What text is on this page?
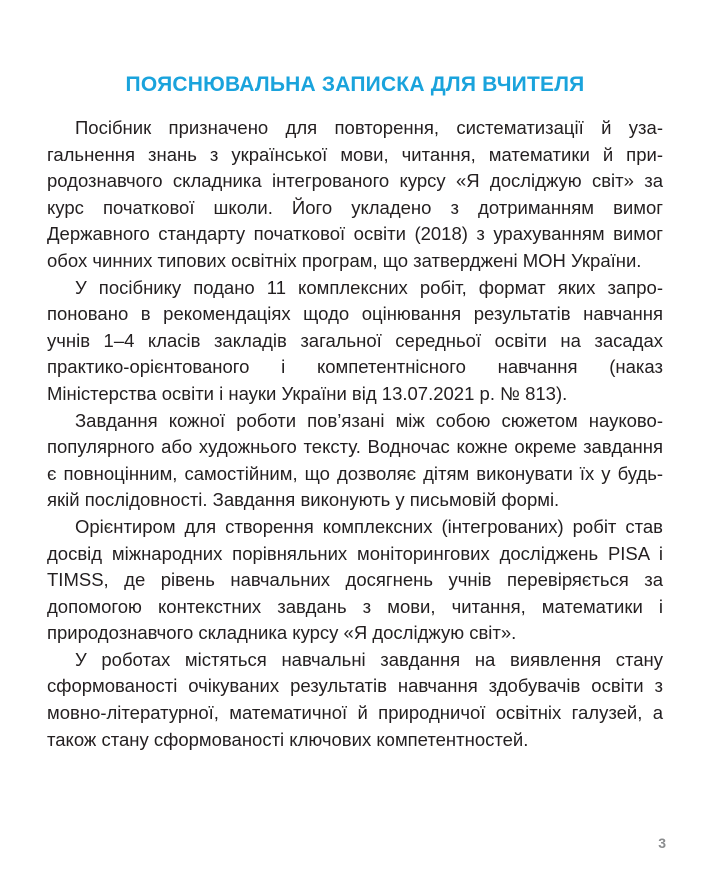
ПОЯСНЮВАЛЬНА ЗАПИСКА ДЛЯ ВЧИТЕЛЯ

Посібник призначено для повторення, систематизації й узагальнення знань з української мови, читання, математики й природознавчого складника інтегрованого курсу «Я досліджую світ» за курс початкової школи. Його укладено з дотриманням вимог Державного стандарту початкової освіти (2018) з урахуванням вимог обох чинних типових освітніх програм, що затверджені МОН України.

У посібнику подано 11 комплексних робіт, формат яких запропоновано в рекомендаціях щодо оцінювання результатів навчання учнів 1–4 класів закладів загальної середньої освіти на засадах практико-орієнтованого і компетентнісного навчання (наказ Міністерства освіти і науки України від 13.07.2021 р. № 813).

Завдання кожної роботи пов’язані між собою сюжетом науково-популярного або художнього тексту. Водночас кожне окреме завдання є повноцінним, самостійним, що дозволяє дітям виконувати їх у будь-якій послідовності. Завдання виконують у письмовій формі.

Орієнтиром для створення комплексних (інтегрованих) робіт став досвід міжнародних порівняльних моніторингових досліджень PISA і TIMSS, де рівень навчальних досягнень учнів перевіряється за допомогою контекстних завдань з мови, читання, математики і природознавчого складника курсу «Я досліджую світ».

У роботах містяться навчальні завдання на виявлення стану сформованості очікуваних результатів навчання здобувачів освіти з мовно-літературної, математичної й природничої освітніх галузей, а також стану сформованості ключових компетентностей.

3
